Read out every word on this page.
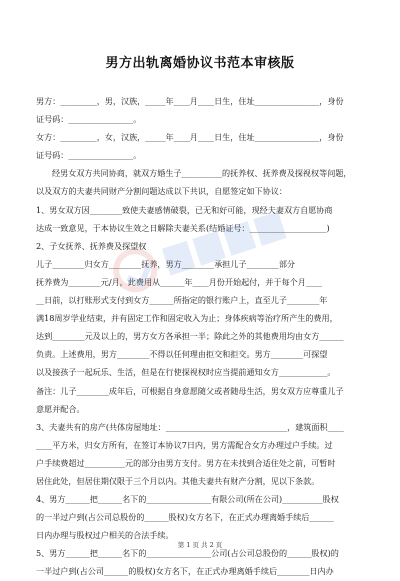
男方出轨离婚协议书范本审核版
男方：_________，男，汉族，_____年____月____日生，住址________________，身份
证号码：________________。
女方：_________，女，汉族，_____年____月____日生，住址________________，身份
证号码：________________。
经男女双方共同协商，就双方婚生子__________的抚养权、抚养费及探视权等问题，
以及双方的夫妻共同财产分割问题达成以下共识，自愿签定如下协议：
1、男女双方因________致使夫妻感情破裂，已无和好可能，现经夫妻双方自愿协商
达成一致意见，于本协议生效之日解除夫妻关系(结婚证号：___________________)
2、子女抚养、抚养费及探望权
儿子________归女方________抚养，男方________承担儿子________部分
抚养费为________元/月，此费用从______年____月份开始起付，并于每个月____
__日前，以打账形式支付到女方______所指定的银行账户上，直至儿子________年
满18周岁学业结束，并有固定工作和固定收入为止；身体疾病等治疗所产生的费用，
达到________元及以上的，男方女方各承担一半；除此之外的其他费用均由女方______
负责。上述费用，男方________不得以任何理由拒交和拒交。男方________可探望
以及接孩子一起玩乐、生活，但是在行使探视权时应当提前通知女方____________。
备注：儿子________成年后，可根据自身意愿随父或者随母生活，男女双方应尊重儿子
意愿并配合。
3、夫妻共有的房产(共体房屋地址：______________________________，建筑面积____
____平方米，归女方所有，在签订本协议7日内，男方需配合女方办理过户手续。过
户手续费超过__________元的部分由男方支付。男方在未找到合适住处之前，可暂时
居住此处，但居住期仅限于三个月以内。其他夫妻共有财产分割，见以下条款。
4、男方______把______名下的________________有限公司(所在公司)__________股权
的一半过户到(占公司总股份的______股权)女方名下，在正式办理离婚手续后______
日内办理与股权过户相关的合法手续。
5、男方______把______名下的________________公司(占公司总股份的______股权)的
一半过户到(占公司______的股权)女方名下，在正式办理离婚手续后________日内办
第 1 页 共 2 页
